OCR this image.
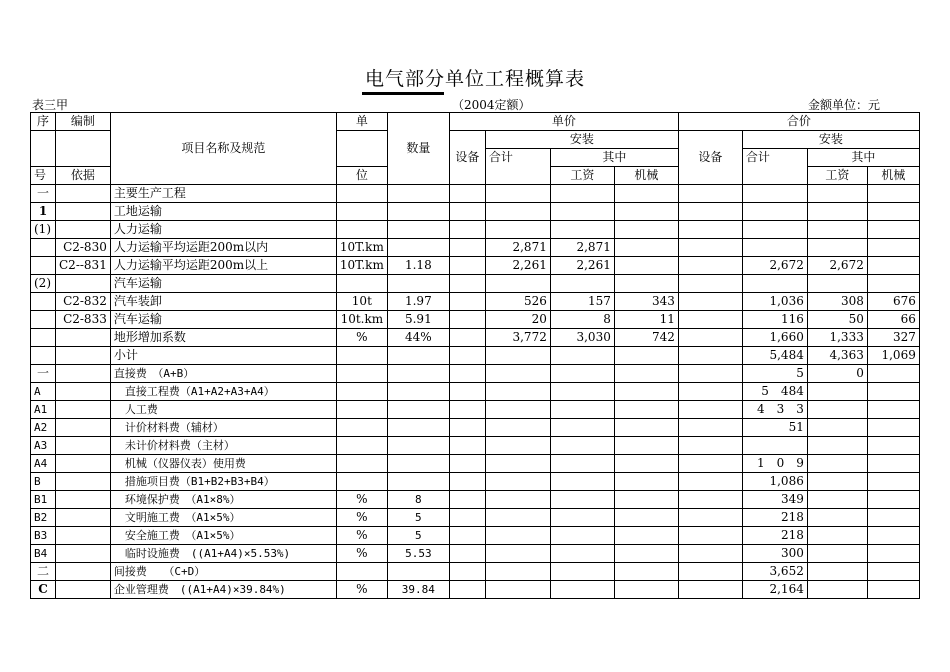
电气部分单位工程概算表
表三甲	（2004定额）	金额单位：元
序	编制	项目名称及规范	单	数量	单价				合价			
					设备	安装			设备	安装		
						合计	其中			合计	其中	
号	依据		位				工资	机械			工资	机械
一		主要生产工程										
1		工地运输										
(1)		人力运输										
	C2-830	人力运输平均运距200m以内	10T.km			2,871	2,871					
	C2--831	人力运输平均运距200m以上	10T.km	1.18		2,261	2,261			2,672	2,672	
(2)		汽车运输										
	C2-832	汽车装卸	10t	1.97		526	157	343		1,036	308	676
	C2-833	汽车运输	10t.km	5.91		20	8	11		116	50	66
		地形增加系数	%	44%		3,772	3,030	742		1,660	1,333	327
		小计								5,484	4,363	1,069
一		直接费　（A+B）								5	0	
A		直接工程费（A1+A2+A3+A4）								5　484		
A1		人工费								4　3　3		
A2		计价材料费（辅材）								51		
A3		未计价材料费（主材）										
A4		机械（仪器仪表）使用费								1　0　9		
B		措施项目费（B1+B2+B3+B4）								1,086		
B1		环境保护费　（A1×8%）	%	8						349		
B2		文明施工费　（A1×5%）	%	5						218		
B3		安全施工费　（A1×5%）	%	5						218		
B4		临时设施费　((A1+A4)×5.53%)	%	5.53						300		
二		间接费　　（C+D）								3,652		
C		企业管理费　((A1+A4)×39.84%)	%	39.84						2,164		
